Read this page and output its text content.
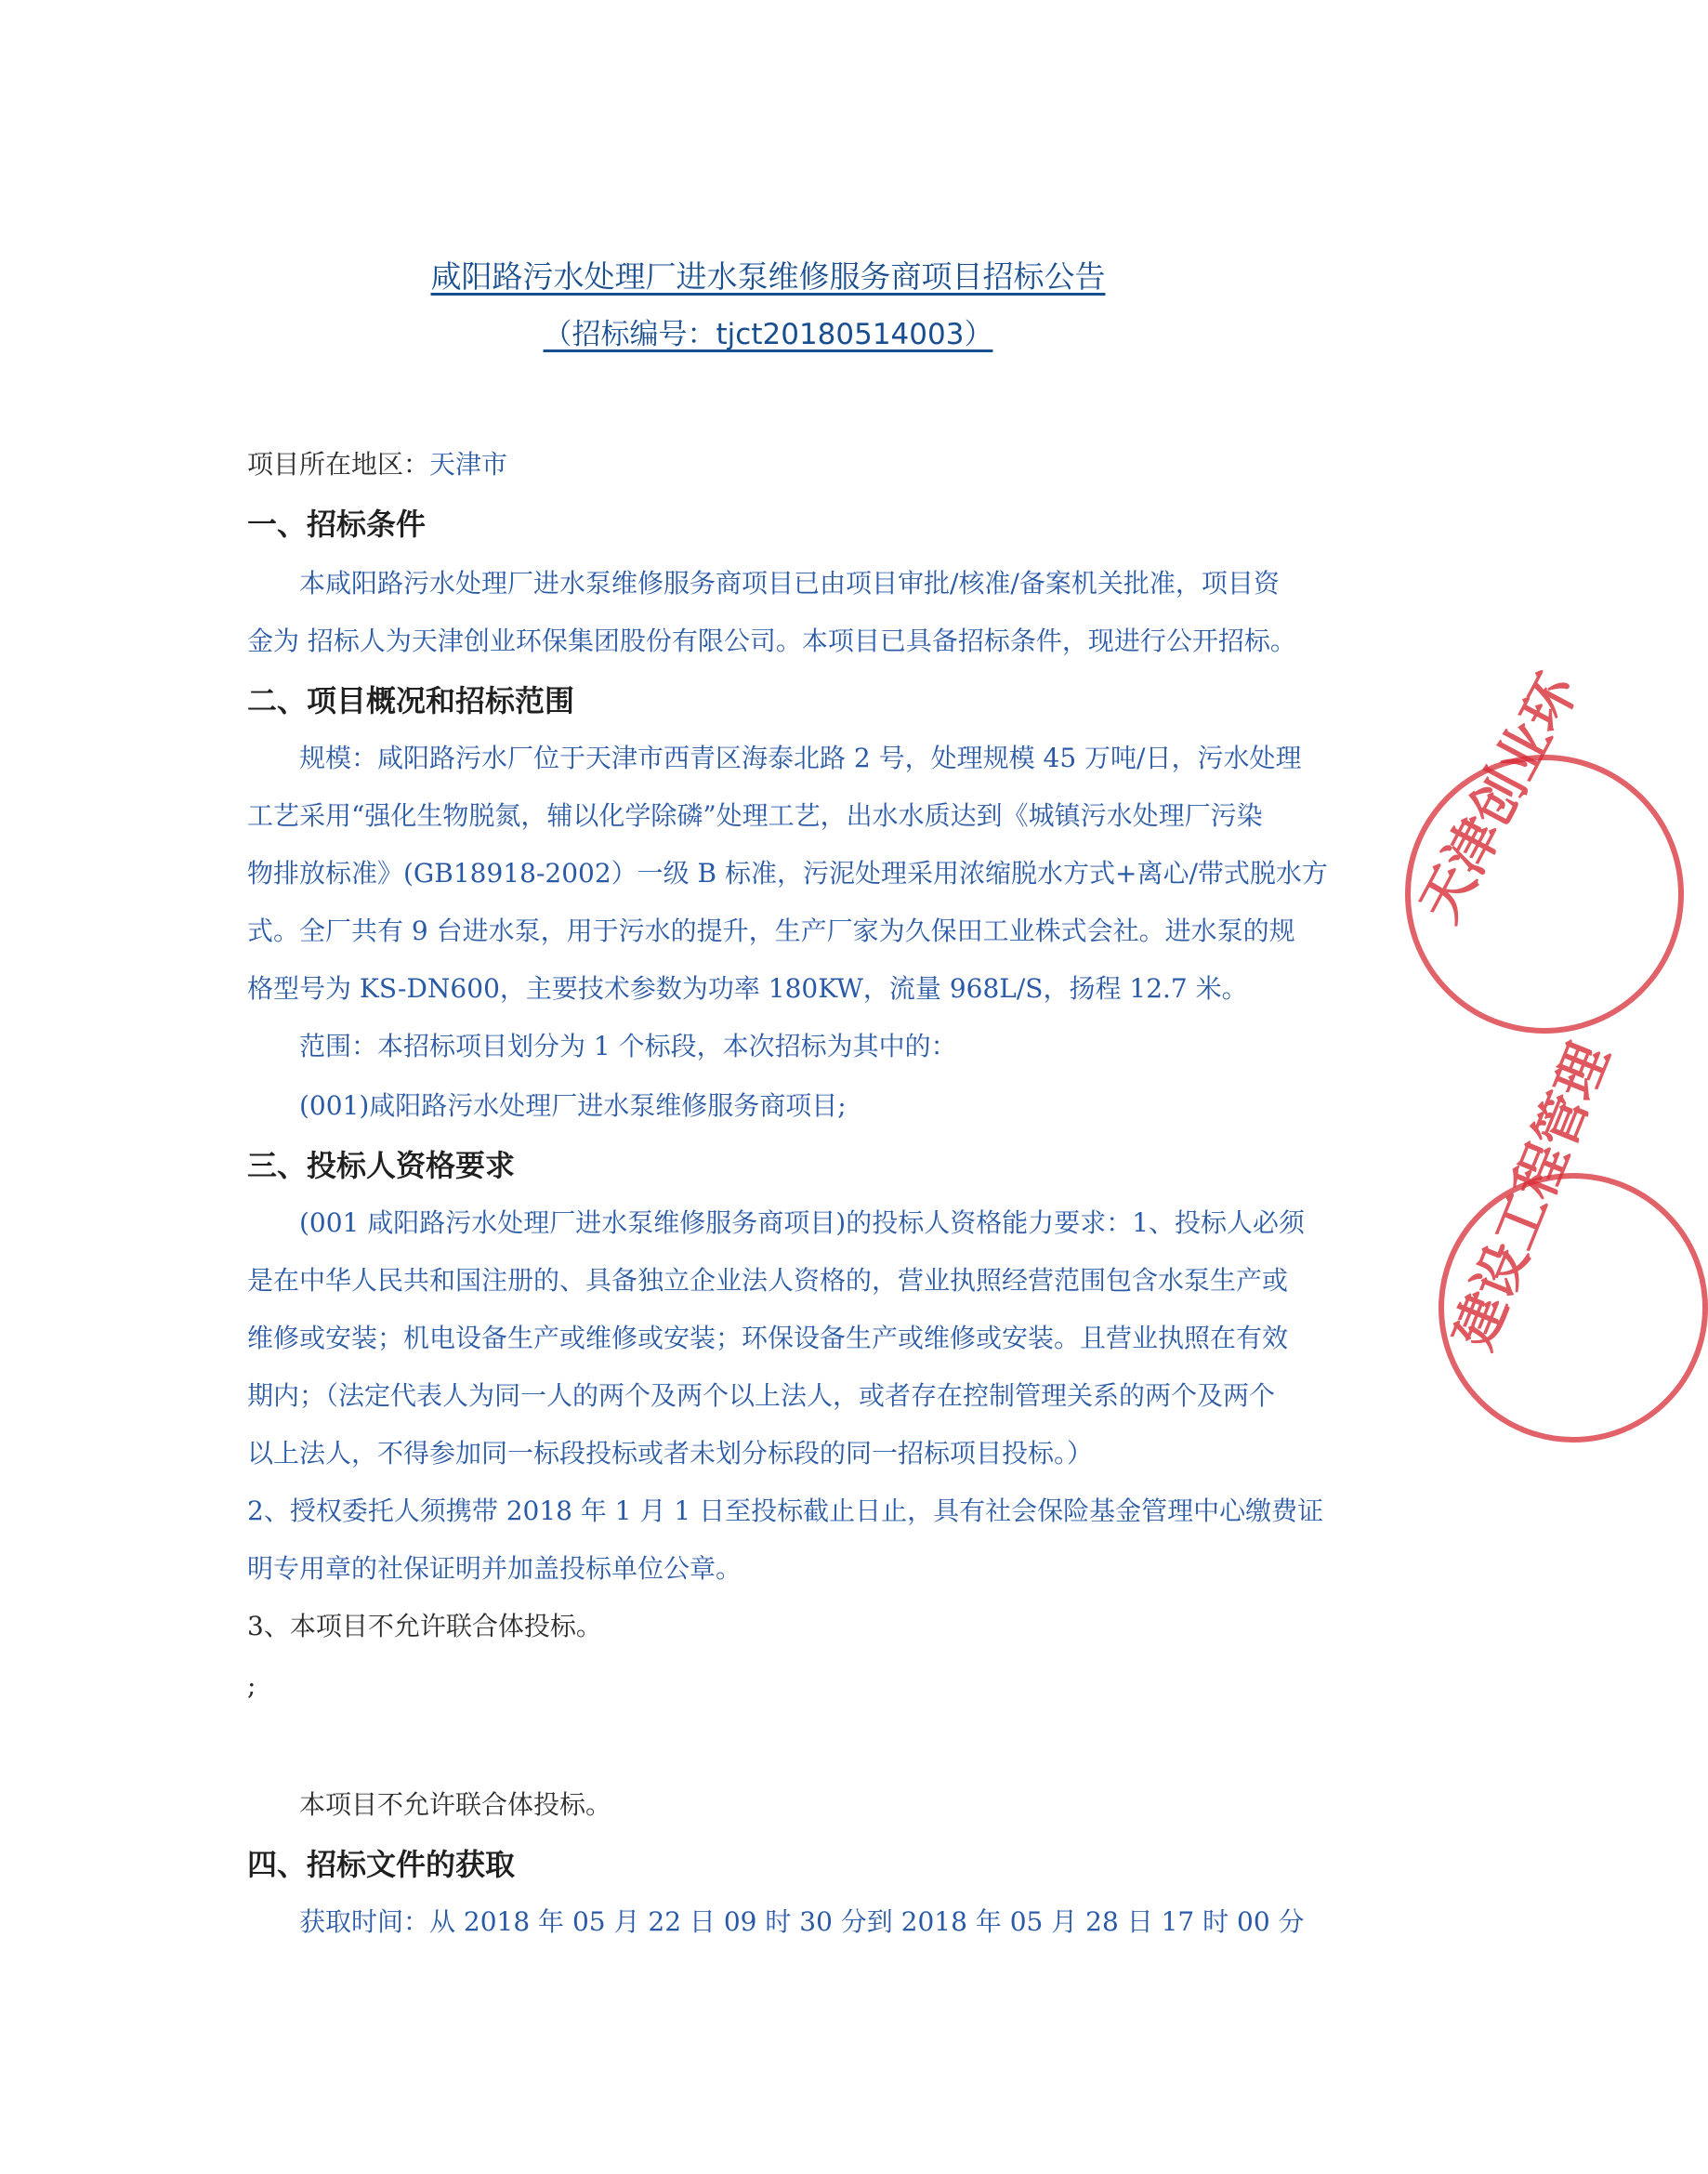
咸阳路污水处理厂进水泵维修服务商项目招标公告
（招标编号：tjct20180514003）
项目所在地区：天津市
一、招标条件
本咸阳路污水处理厂进水泵维修服务商项目已由项目审批/核准/备案机关批准，项目资
金为 招标人为天津创业环保集团股份有限公司。本项目已具备招标条件，现进行公开招标。
二、项目概况和招标范围
规模：咸阳路污水厂位于天津市西青区海泰北路 2 号，处理规模 45 万吨/日，污水处理
工艺采用“强化生物脱氮，辅以化学除磷”处理工艺，出水水质达到《城镇污水处理厂污染
物排放标准》(GB18918-2002）一级 B 标准，污泥处理采用浓缩脱水方式+离心/带式脱水方
式。全厂共有 9 台进水泵，用于污水的提升，生产厂家为久保田工业株式会社。进水泵的规
格型号为 KS-DN600，主要技术参数为功率 180KW，流量 968L/S，扬程 12.7 米。
范围：本招标项目划分为 1 个标段，本次招标为其中的：
(001)咸阳路污水处理厂进水泵维修服务商项目;
三、投标人资格要求
(001 咸阳路污水处理厂进水泵维修服务商项目)的投标人资格能力要求：1、投标人必须
是在中华人民共和国注册的、具备独立企业法人资格的，营业执照经营范围包含水泵生产或
维修或安装；机电设备生产或维修或安装；环保设备生产或维修或安装。且营业执照在有效
期内；（法定代表人为同一人的两个及两个以上法人，或者存在控制管理关系的两个及两个
以上法人，不得参加同一标段投标或者未划分标段的同一招标项目投标。）
2、授权委托人须携带 2018 年 1 月 1 日至投标截止日止，具有社会保险基金管理中心缴费证
明专用章的社保证明并加盖投标单位公章。
3、本项目不允许联合体投标。
;
本项目不允许联合体投标。
四、招标文件的获取
获取时间：从 2018 年 05 月 22 日 09 时 30 分到 2018 年 05 月 28 日 17 时 00 分
天津创业环
建设工程管理
